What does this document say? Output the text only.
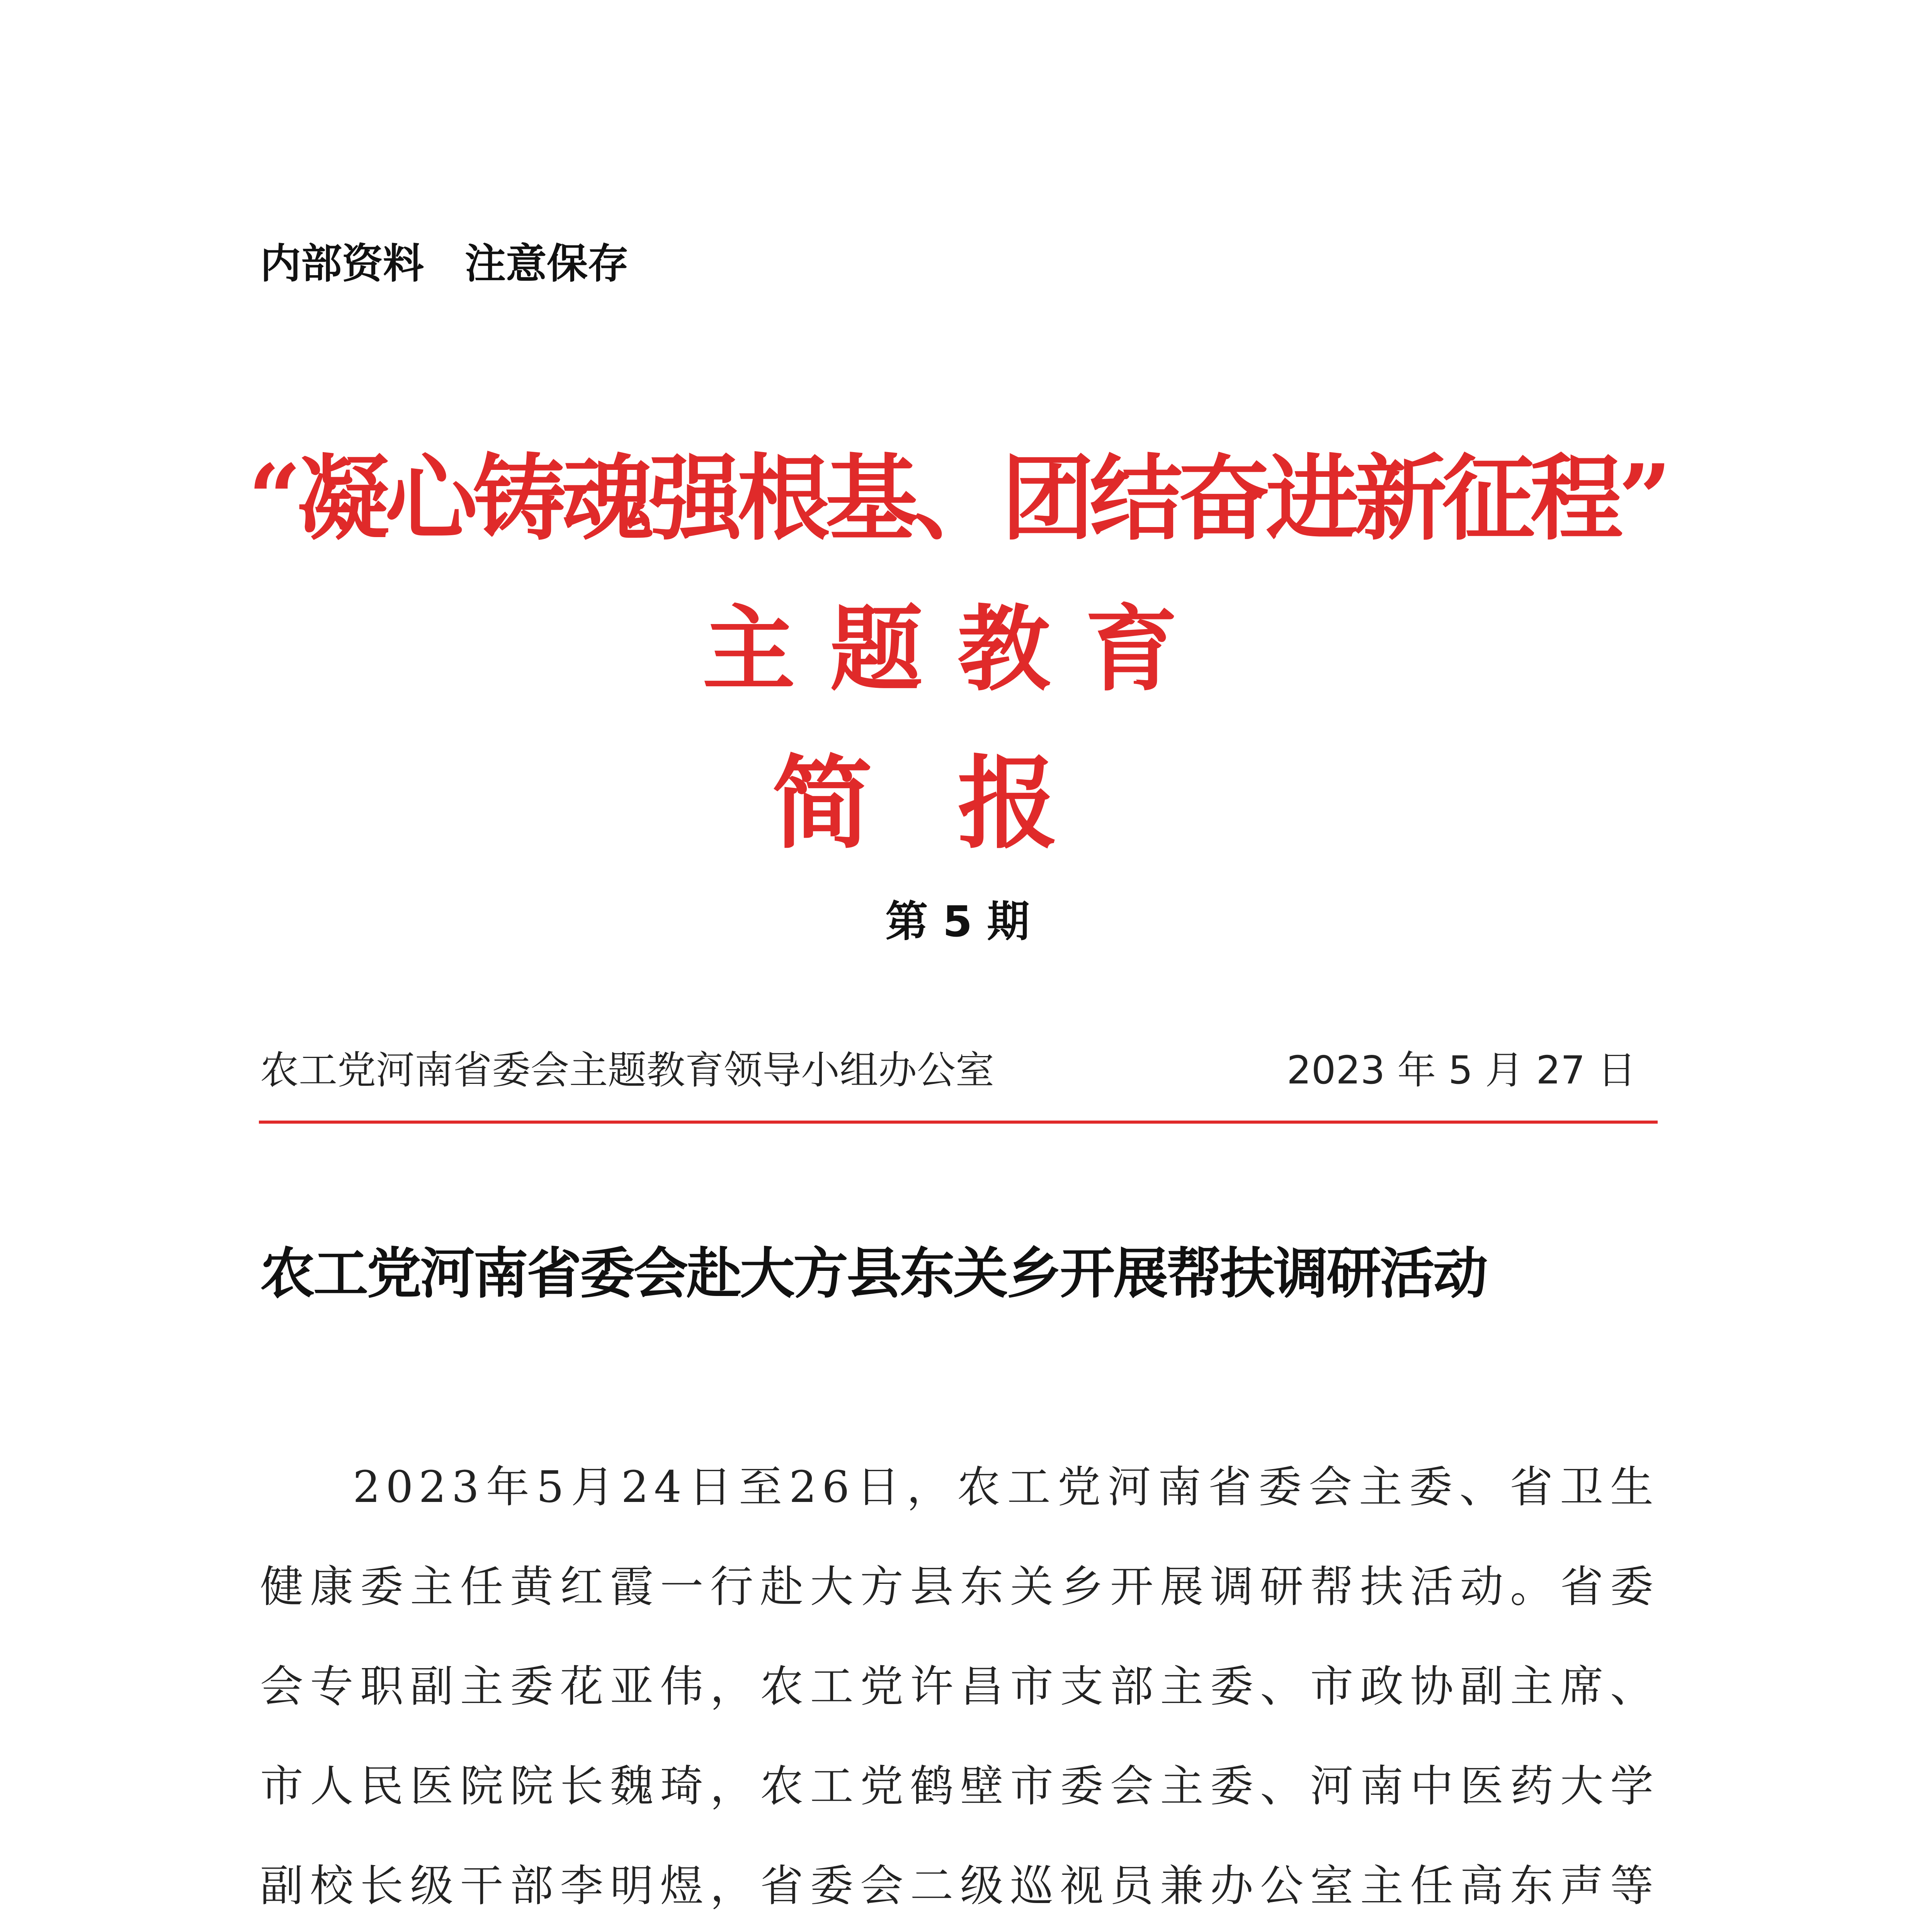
内部资料　注意保存
“凝心铸魂强根基、团结奋进新征程”
主题教育
简报
第 5 期
农工党河南省委会主题教育领导小组办公室	2023 年 5 月 27 日
农工党河南省委会赴大方县东关乡开展帮扶调研活动

2023年5月24日至26日，农工党河南省委会主委、省卫生健康委主任黄红霞一行赴大方县东关乡开展调研帮扶活动。省委会专职副主委花亚伟，农工党许昌市支部主委、市政协副主席、市人民医院院长魏琦，农工党鹤壁市委会主委、河南中医药大学副校长级干部李明煜，省委会二级巡视员兼办公室主任高东声等
